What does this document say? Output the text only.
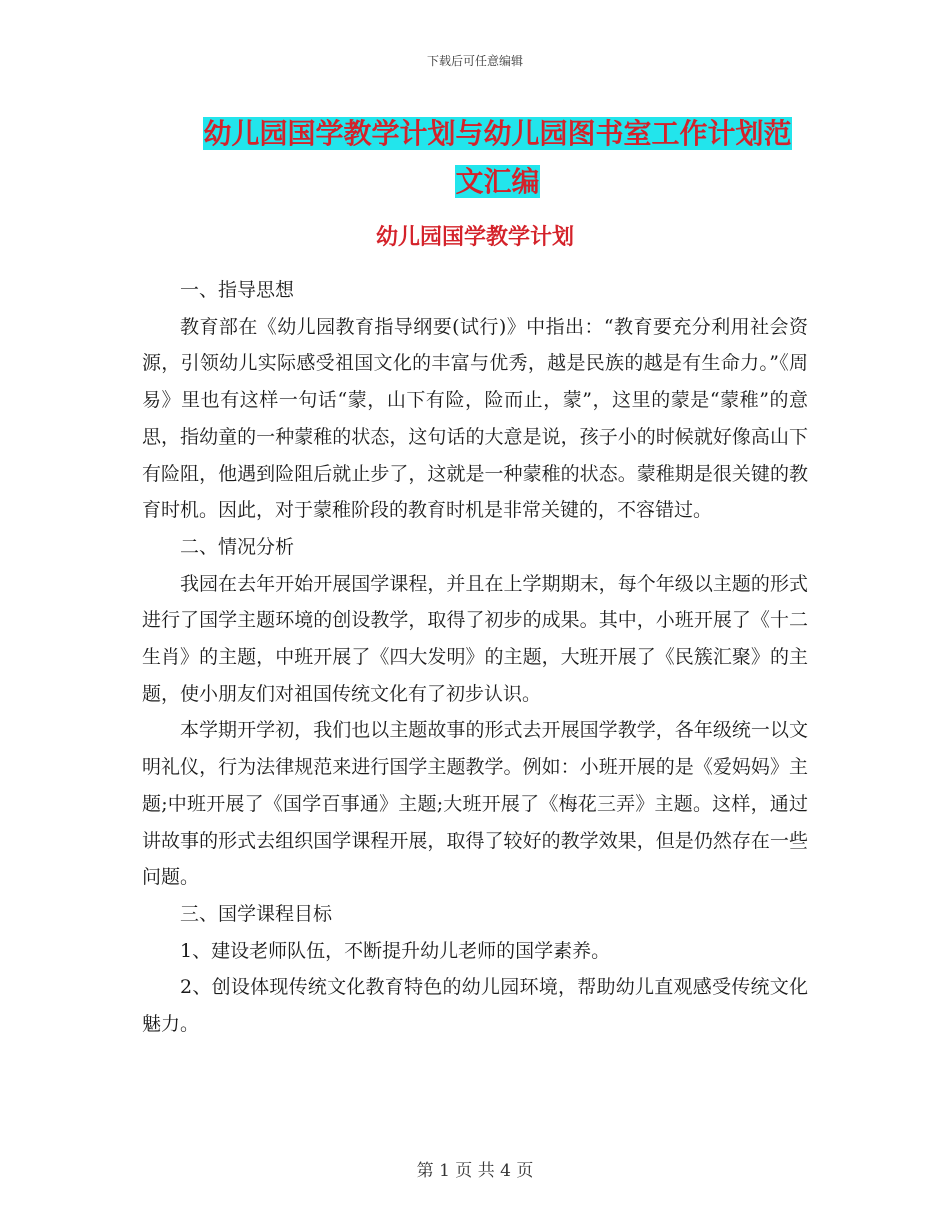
下载后可任意编辑
幼儿园国学教学计划与幼儿园图书室工作计划范文汇编
幼儿园国学教学计划

一、指导思想

教育部在《幼儿园教育指导纲要(试行)》中指出：“教育要充分利用社会资源，引领幼儿实际感受祖国文化的丰富与优秀，越是民族的越是有生命力。”《周易》里也有这样一句话“蒙，山下有险，险而止，蒙”，这里的蒙是“蒙稚”的意思，指幼童的一种蒙稚的状态，这句话的大意是说，孩子小的时候就好像高山下有险阻，他遇到险阻后就止步了，这就是一种蒙稚的状态。蒙稚期是很关键的教育时机。因此，对于蒙稚阶段的教育时机是非常关键的，不容错过。

二、情况分析

我园在去年开始开展国学课程，并且在上学期期末，每个年级以主题的形式进行了国学主题环境的创设教学，取得了初步的成果。其中，小班开展了《十二生肖》的主题，中班开展了《四大发明》的主题，大班开展了《民簇汇聚》的主题，使小朋友们对祖国传统文化有了初步认识。

本学期开学初，我们也以主题故事的形式去开展国学教学，各年级统一以文明礼仪，行为法律规范来进行国学主题教学。例如：小班开展的是《爱妈妈》主题;中班开展了《国学百事通》主题;大班开展了《梅花三弄》主题。这样，通过讲故事的形式去组织国学课程开展，取得了较好的教学效果，但是仍然存在一些问题。

三、国学课程目标

1、建设老师队伍，不断提升幼儿老师的国学素养。

2、创设体现传统文化教育特色的幼儿园环境，帮助幼儿直观感受传统文化魅力。

第 1 页 共 4 页
